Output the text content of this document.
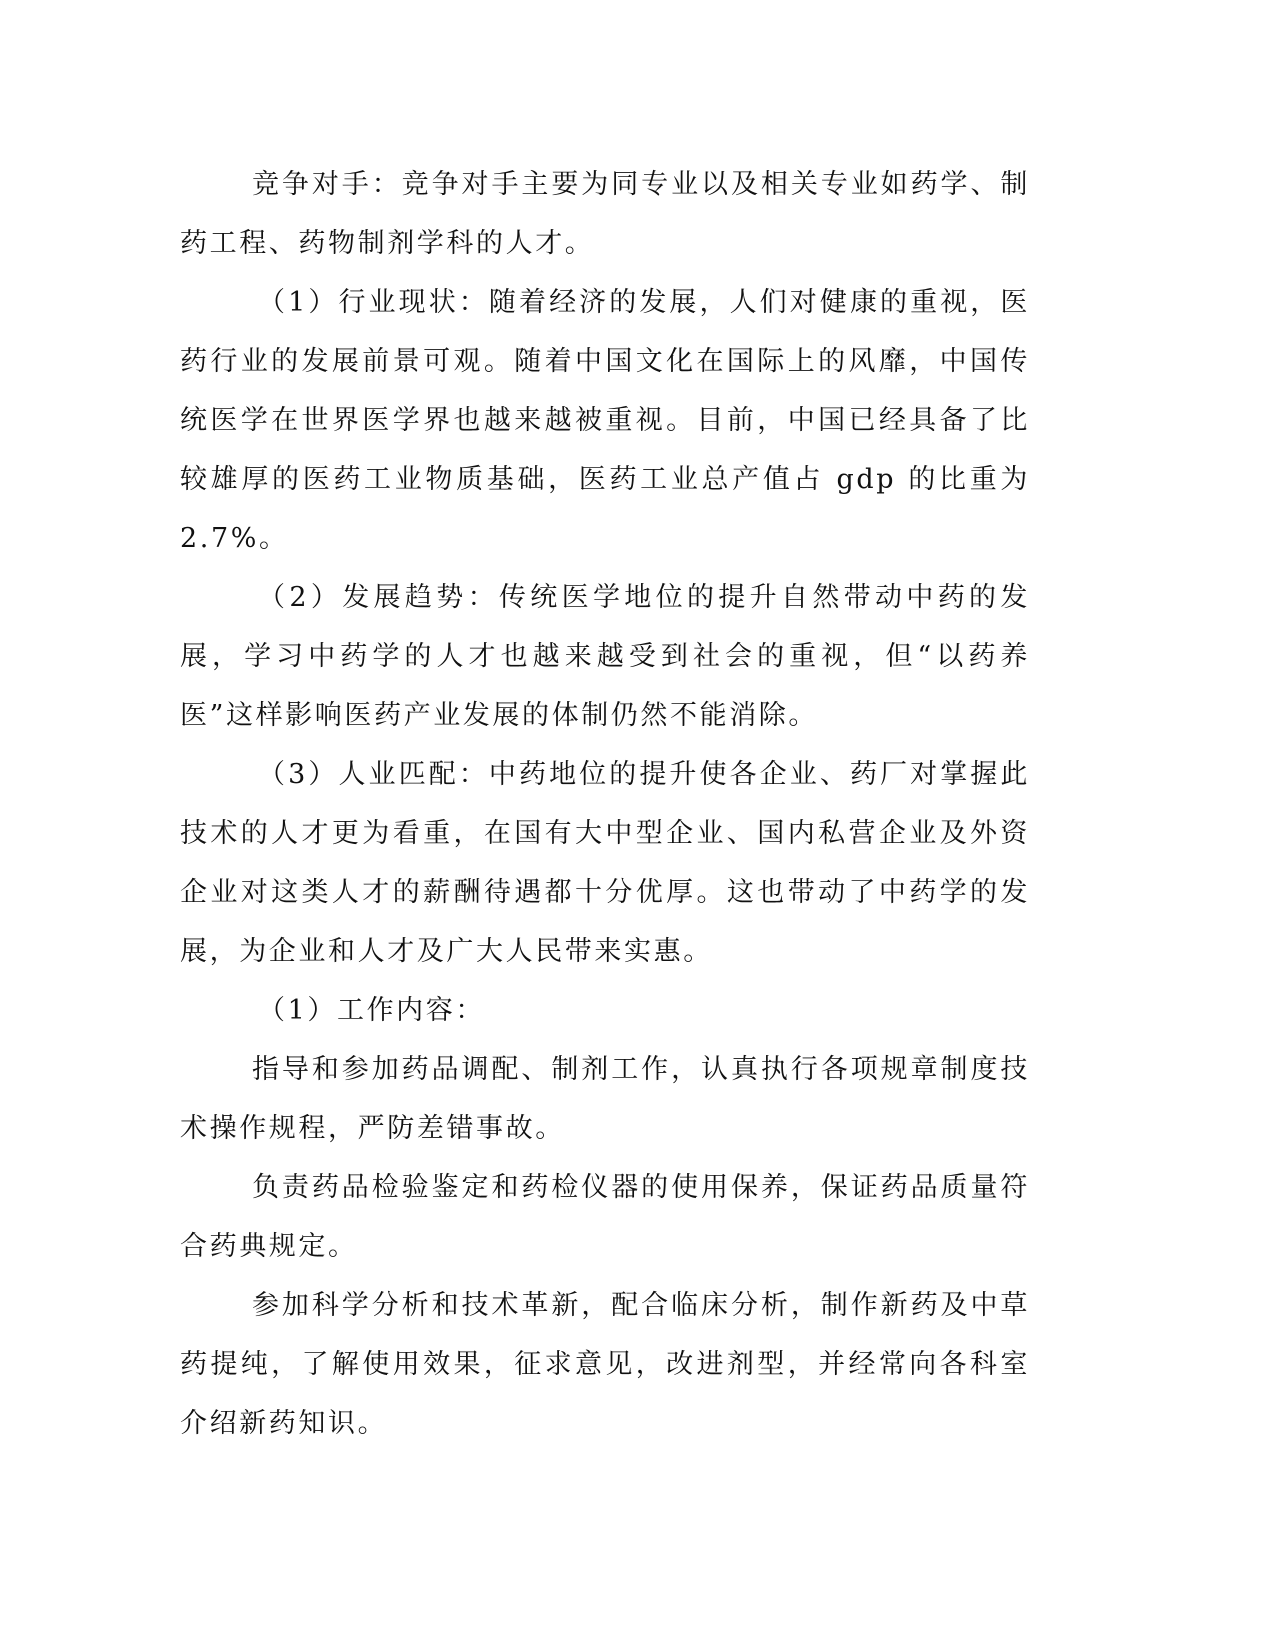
竞争对手：竞争对手主要为同专业以及相关专业如药学、制药工程、药物制剂学科的人才。

（1）行业现状：随着经济的发展，人们对健康的重视，医药行业的发展前景可观。随着中国文化在国际上的风靡，中国传统医学在世界医学界也越来越被重视。目前，中国已经具备了比较雄厚的医药工业物质基础，医药工业总产值占 gdp 的比重为 2.7%。

（2）发展趋势：传统医学地位的提升自然带动中药的发展，学习中药学的人才也越来越受到社会的重视，但“以药养医”这样影响医药产业发展的体制仍然不能消除。

（3）人业匹配：中药地位的提升使各企业、药厂对掌握此技术的人才更为看重，在国有大中型企业、国内私营企业及外资企业对这类人才的薪酬待遇都十分优厚。这也带动了中药学的发展，为企业和人才及广大人民带来实惠。

（1）工作内容：

指导和参加药品调配、制剂工作，认真执行各项规章制度技术操作规程，严防差错事故。

负责药品检验鉴定和药检仪器的使用保养，保证药品质量符合药典规定。

参加科学分析和技术革新，配合临床分析，制作新药及中草药提纯，了解使用效果，征求意见，改进剂型，并经常向各科室介绍新药知识。
